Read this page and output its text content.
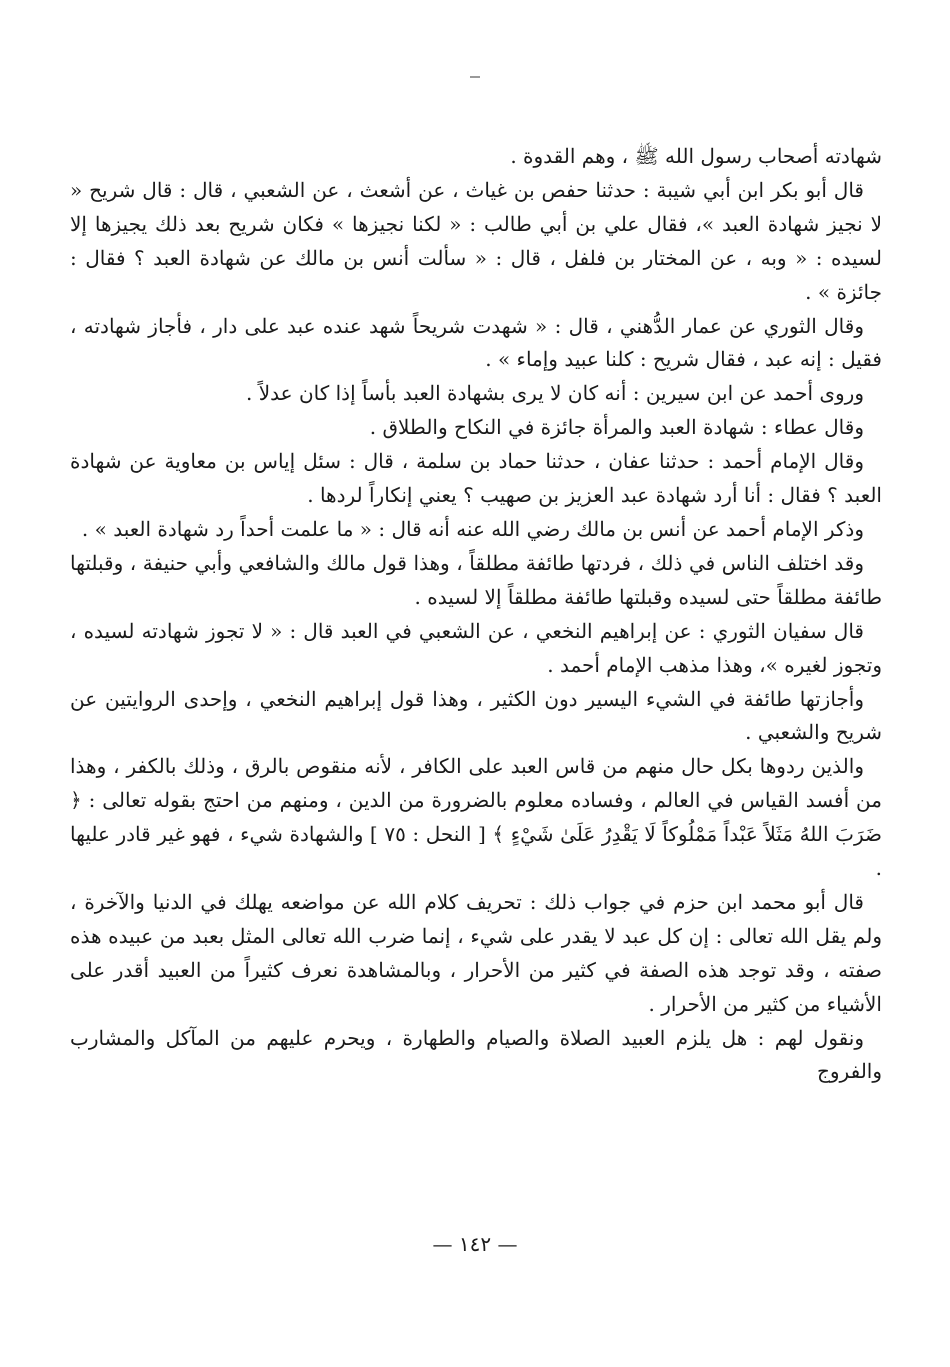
شهادته أصحاب رسول الله ﷺ ، وهم القدوة .

قال أبو بكر ابن أبي شيبة : حدثنا حفص بن غياث ، عن أشعث ، عن الشعبي ، قال : قال شريح « لا نجيز شهادة العبد »، فقال علي بن أبي طالب : « لكنا نجيزها » فكان شريح بعد ذلك يجيزها إلا لسيده : « وبه ، عن المختار بن فلفل ، قال : « سألت أنس بن مالك عن شهادة العبد ؟ فقال : جائزة » .

وقال الثوري عن عمار الدُّهني ، قال : « شهدت شريحاً شهد عنده عبد على دار ، فأجاز شهادته ، فقيل : إنه عبد ، فقال شريح : كلنا عبيد وإماء » .

وروى أحمد عن ابن سيرين : أنه كان لا يرى بشهادة العبد بأساً إذا كان عدلاً .

وقال عطاء : شهادة العبد والمرأة جائزة في النكاح والطلاق .

وقال الإمام أحمد : حدثنا عفان ، حدثنا حماد بن سلمة ، قال : سئل إياس بن معاوية عن شهادة العبد ؟ فقال : أنا أرد شهادة عبد العزيز بن صهيب ؟ يعني إنكاراً لردها .

وذكر الإمام أحمد عن أنس بن مالك رضي الله عنه أنه قال : « ما علمت أحداً رد شهادة العبد » .

وقد اختلف الناس في ذلك ، فردتها طائفة مطلقاً ، وهذا قول مالك والشافعي وأبي حنيفة ، وقبلتها طائفة مطلقاً حتى لسيده وقبلتها طائفة مطلقاً إلا لسيده .

قال سفيان الثوري : عن إبراهيم النخعي ، عن الشعبي في العبد قال : « لا تجوز شهادته لسيده ، وتجوز لغيره »، وهذا مذهب الإمام أحمد .

وأجازتها طائفة في الشيء اليسير دون الكثير ، وهذا قول إبراهيم النخعي ، وإحدى الروايتين عن شريح والشعبي .

والذين ردوها بكل حال منهم من قاس العبد على الكافر ، لأنه منقوص بالرق ، وذلك بالكفر ، وهذا من أفسد القياس في العالم ، وفساده معلوم بالضرورة من الدين ، ومنهم من احتج بقوله تعالى : ﴿ ضَرَبَ اللهُ مَثَلاً عَبْداً مَمْلُوكاً لَا يَقْدِرُ عَلَىٰ شَيْءٍ ﴾ [ النحل : ٧٥ ] والشهادة شيء ، فهو غير قادر عليها .

قال أبو محمد ابن حزم في جواب ذلك : تحريف كلام الله عن مواضعه يهلك في الدنيا والآخرة ، ولم يقل الله تعالى : إن كل عبد لا يقدر على شيء ، إنما ضرب الله تعالى المثل بعبد من عبيده هذه صفته ، وقد توجد هذه الصفة في كثير من الأحرار ، وبالمشاهدة نعرف كثيراً من العبيد أقدر على الأشياء من كثير من الأحرار .

ونقول لهم : هل يلزم العبيد الصلاة والصيام والطهارة ، ويحرم عليهم من المآكل والمشارب والفروج

— ١٤٢ —
